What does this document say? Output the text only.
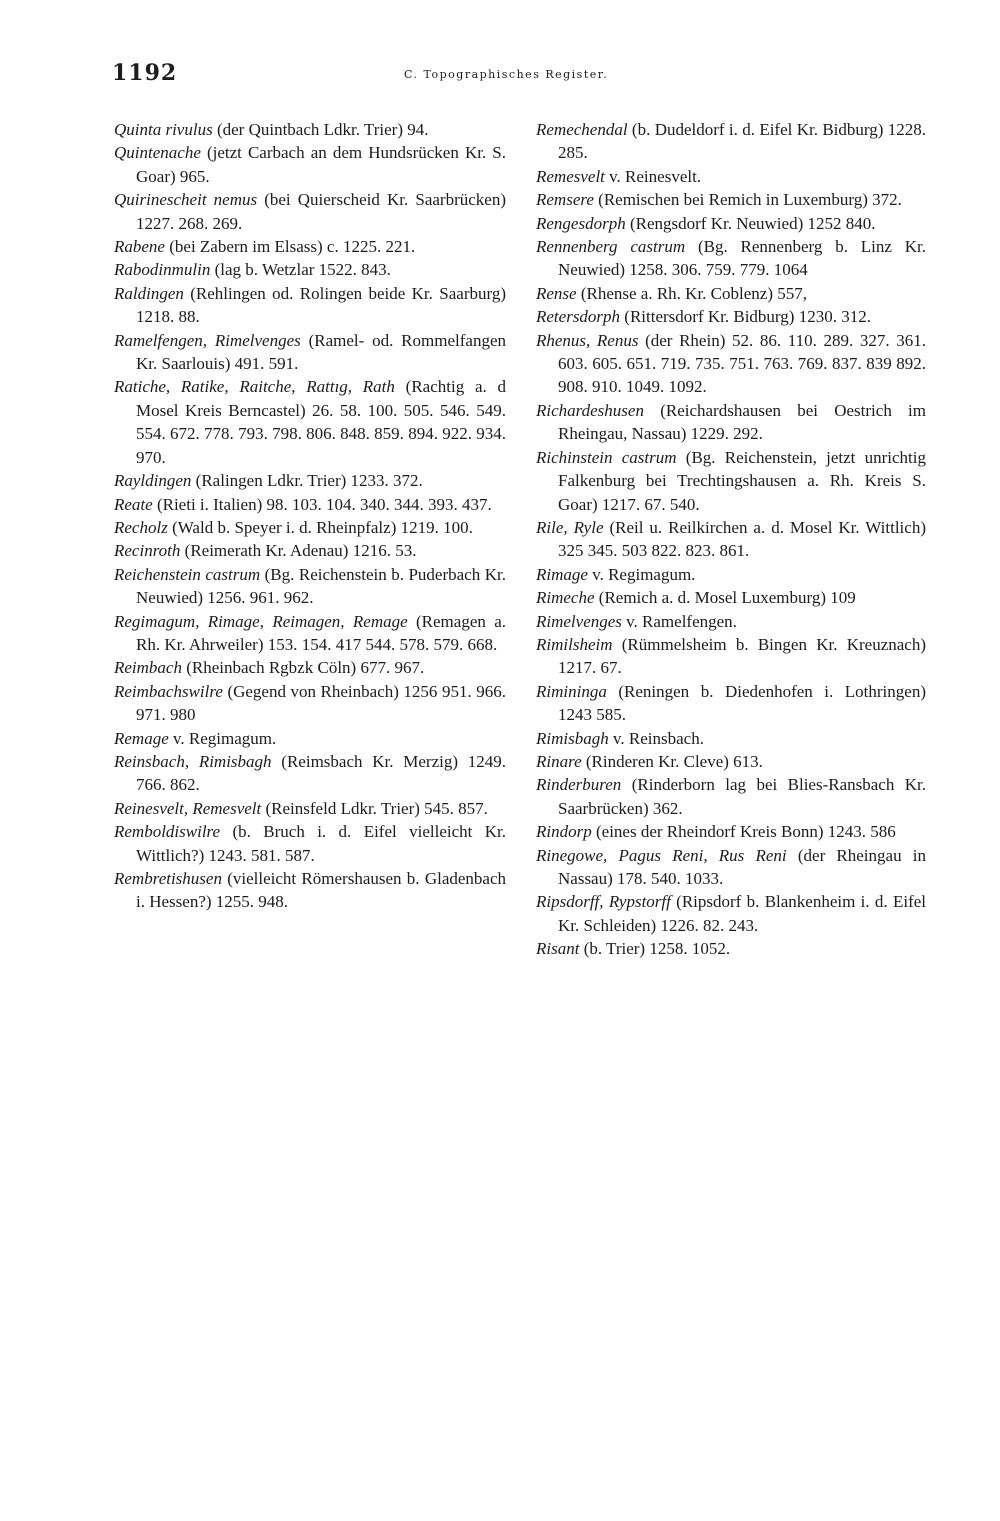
1192	C. Topographisches Register.

Quinta rivulus (der Quintbach Ldkr. Trier) 94.

Quintenache (jetzt Carbach an dem Hundsrücken Kr. S. Goar) 965.

Quirinescheit nemus (bei Quierscheid Kr. Saarbrücken) 1227. 268. 269.

Rabene (bei Zabern im Elsass) c. 1225. 221.

Rabodinmulin (lag b. Wetzlar 1522. 843.

Raldingen (Rehlingen od. Rolingen beide Kr. Saarburg) 1218. 88.

Ramelfengen, Rimelvenges (Ramel- od. Rommelfangen Kr. Saarlouis) 491. 591.

Ratiche, Ratike, Raitche, Rattıg, Rath (Rachtig a. d Mosel Kreis Berncastel) 26. 58. 100. 505. 546. 549. 554. 672. 778. 793. 798. 806. 848. 859. 894. 922. 934. 970.

Rayldingen (Ralingen Ldkr. Trier) 1233. 372.

Reate (Rieti i. Italien) 98. 103. 104. 340. 344. 393. 437.

Recholz (Wald b. Speyer i. d. Rheinpfalz) 1219. 100.

Recinroth (Reimerath Kr. Adenau) 1216. 53.

Reichenstein castrum (Bg. Reichenstein b. Puderbach Kr. Neuwied) 1256. 961. 962.

Regimagum, Rimage, Reimagen, Remage (Remagen a. Rh. Kr. Ahrweiler) 153. 154. 417 544. 578. 579. 668.

Reimbach (Rheinbach Rgbzk Cöln) 677. 967.

Reimbachswilre (Gegend von Rheinbach) 1256 951. 966. 971. 980

Remage v. Regimagum.

Reinsbach, Rimisbagh (Reimsbach Kr. Merzig) 1249. 766. 862.

Reinesvelt, Remesvelt (Reinsfeld Ldkr. Trier) 545. 857.

Remboldiswilre (b. Bruch i. d. Eifel vielleicht Kr. Wittlich?) 1243. 581. 587.

Rembretishusen (vielleicht Römershausen b. Gladenbach i. Hessen?) 1255. 948.

Remechendal (b. Dudeldorf i. d. Eifel Kr. Bidburg) 1228. 285.

Remesvelt v. Reinesvelt.

Remsere (Remischen bei Remich in Luxemburg) 372.

Rengesdorph (Rengsdorf Kr. Neuwied) 1252 840.

Rennenberg castrum (Bg. Rennenberg b. Linz Kr. Neuwied) 1258. 306. 759. 779. 1064

Rense (Rhense a. Rh. Kr. Coblenz) 557,

Retersdorph (Rittersdorf Kr. Bidburg) 1230. 312.

Rhenus, Renus (der Rhein) 52. 86. 110. 289. 327. 361. 603. 605. 651. 719. 735. 751. 763. 769. 837. 839 892. 908. 910. 1049. 1092.

Richardeshusen (Reichardshausen bei Oestrich im Rheingau, Nassau) 1229. 292.

Richinstein castrum (Bg. Reichenstein, jetzt unrichtig Falkenburg bei Trechtingshausen a. Rh. Kreis S. Goar) 1217. 67. 540.

Rile, Ryle (Reil u. Reilkirchen a. d. Mosel Kr. Wittlich) 325 345. 503 822. 823. 861.

Rimage v. Regimagum.

Rimeche (Remich a. d. Mosel Luxemburg) 109

Rimelvenges v. Ramelfengen.

Rimilsheim (Rümmelsheim b. Bingen Kr. Kreuznach) 1217. 67.

Rimininga (Reningen b. Diedenhofen i. Lothringen) 1243 585.

Rimisbagh v. Reinsbach.

Rinare (Rinderen Kr. Cleve) 613.

Rinderburen (Rinderborn lag bei Blies-Ransbach Kr. Saarbrücken) 362.

Rindorp (eines der Rheindorf Kreis Bonn) 1243. 586

Rinegowe, Pagus Reni, Rus Reni (der Rheingau in Nassau) 178. 540. 1033.

Ripsdorff, Rypstorff (Ripsdorf b. Blankenheim i. d. Eifel Kr. Schleiden) 1226. 82. 243.

Risant (b. Trier) 1258. 1052.
